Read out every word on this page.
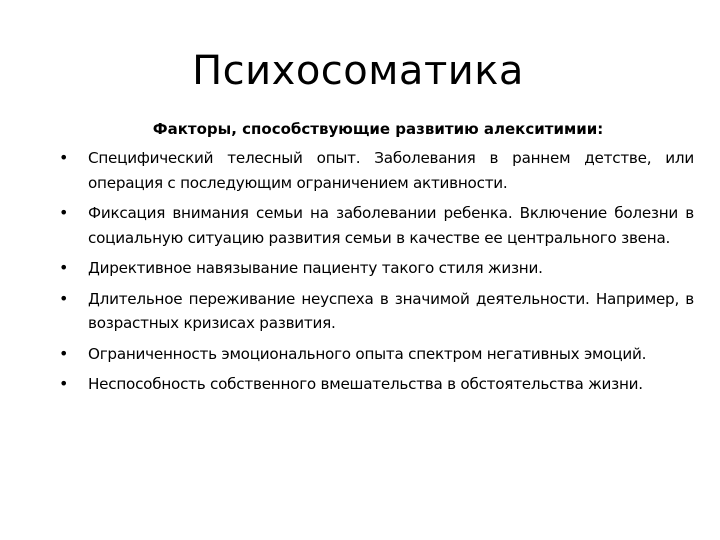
Психосоматика
Факторы, способствующие развитию алекситимии:
• Специфический телесный опыт. Заболевания в раннем детстве, или операция с последующим ограничением активности.
• Фиксация внимания семьи на заболевании ребенка. Включение болезни в социальную ситуацию развития семьи в качестве ее центрального звена.
• Директивное навязывание пациенту такого стиля жизни.
• Длительное переживание неуспеха в значимой деятельности. Например, в возрастных кризисах развития.
• Ограниченность эмоционального опыта спектром негативных эмоций.
• Неспособность собственного вмешательства в обстоятельства жизни.
